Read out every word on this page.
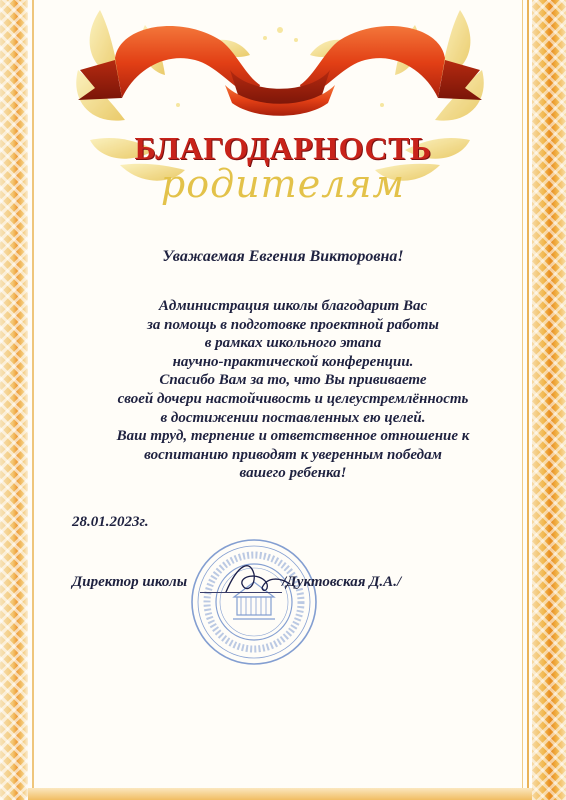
БЛАГОДАРНОСТЬ
родителям
Уважаемая Евгения Викторовна!
Администрация школы благодарит Вас
за помощь в подготовке проектной работы
в рамках школьного этапа
научно-практической конференции.
Спасибо Вам за то, что Вы прививаете
своей дочери настойчивость и целеустремлённость
в достижении поставленных ею целей.
Ваш труд, терпение и ответственное отношение к
воспитанию приводят к уверенным победам
вашего ребенка!
28.01.2023г.
Директор школы	/Дуктовская Д.А./
